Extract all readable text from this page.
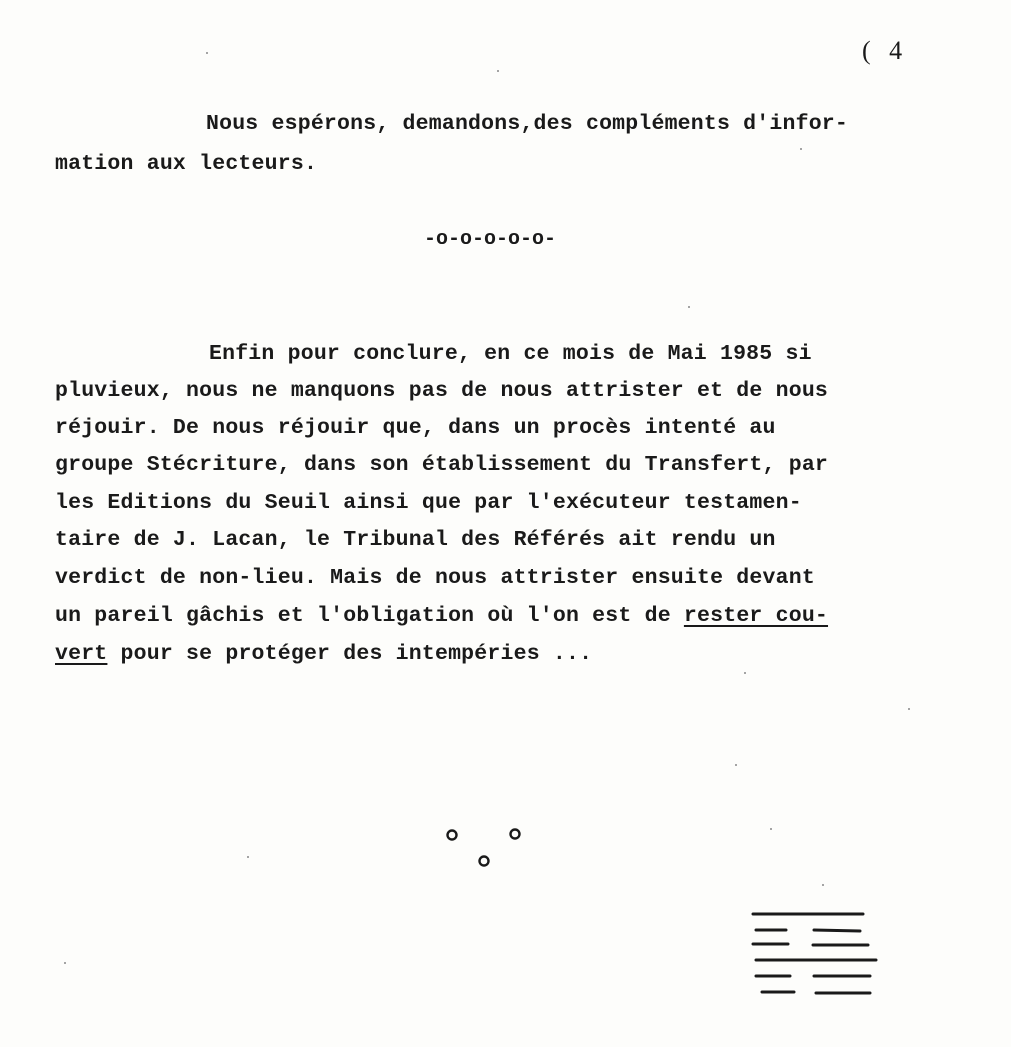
( 4
Nous espérons, demandons,des compléments d'infor-
mation aux lecteurs.
-o-o-o-o-o-
Enfin pour conclure, en ce mois de Mai 1985 si
pluvieux, nous ne manquons pas de nous attrister et de nous
réjouir. De nous réjouir que, dans un procès intenté au
groupe Stécriture, dans son établissement du Transfert, par
les Editions du Seuil ainsi que par l'exécuteur testamen-
taire de J. Lacan, le Tribunal des Référés ait rendu un
verdict de non-lieu. Mais de nous attrister ensuite devant
un pareil gâchis et l'obligation où l'on est de rester cou-
vert pour se protéger des intempéries ...
